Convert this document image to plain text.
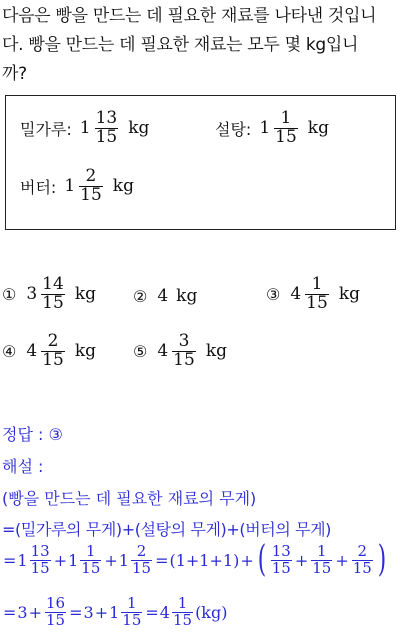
다음은 빵을 만드는 데 필요한 재료를 나타낸 것입니
다. 빵을 만드는 데 필요한 재료는 모두 몇 kg입니
까?
밀가루: $1 \frac{13}{15}$ kg	설탕: $1 \frac{1}{15}$ kg
버터: $1 \frac{2}{15}$ kg
① $3 \frac{14}{15}$ kg ② 4 kg	③ $4 \frac{1}{15}$ kg
④ $4 \frac{2}{15}$ kg ⑤ $4 \frac{3}{15}$ kg
정답 : ③
해설 :
(빵을 만드는 데 필요한 재료의 무게)
=(밀가루의 무게)+(설탕의 무게)+(버터의 무게)
= $1 \frac{13}{15} + 1 \frac{1}{15} + 1 \frac{2}{15} = (1+1+1)$ + ( $\frac{13}{15} + \frac{1}{15} + \frac{2}{15}$ )
= $3 + \frac{16}{15} = 3 + 1 \frac{1}{15} = 4 \frac{1}{15} (kg)$
